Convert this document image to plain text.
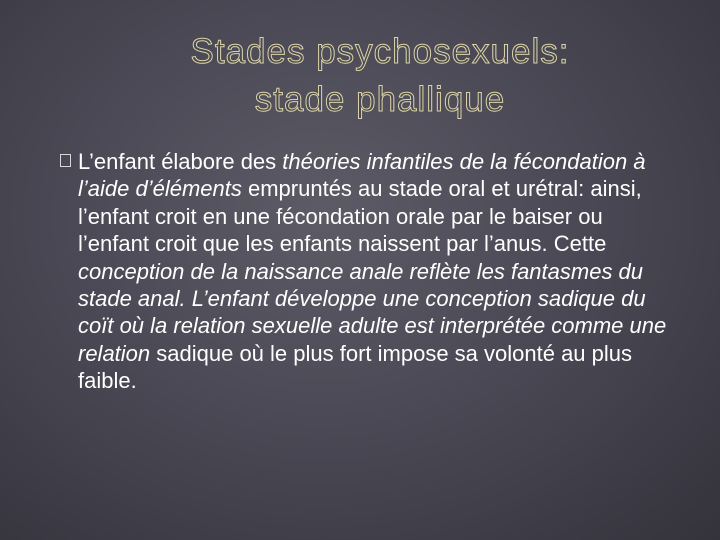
Stades psychosexuels:
stade phallique
L’enfant élabore des théories infantiles de la fécondation à l’aide d’éléments empruntés au stade oral et urétral: ainsi, l’enfant croit en une fécondation orale par le baiser ou l’enfant croit que les enfants naissent par l’anus. Cette conception de la naissance anale reflète les fantasmes du stade anal. L’enfant développe une conception sadique du coït où la relation sexuelle adulte est interprétée comme une relation sadique où le plus fort impose sa volonté au plus faible.
